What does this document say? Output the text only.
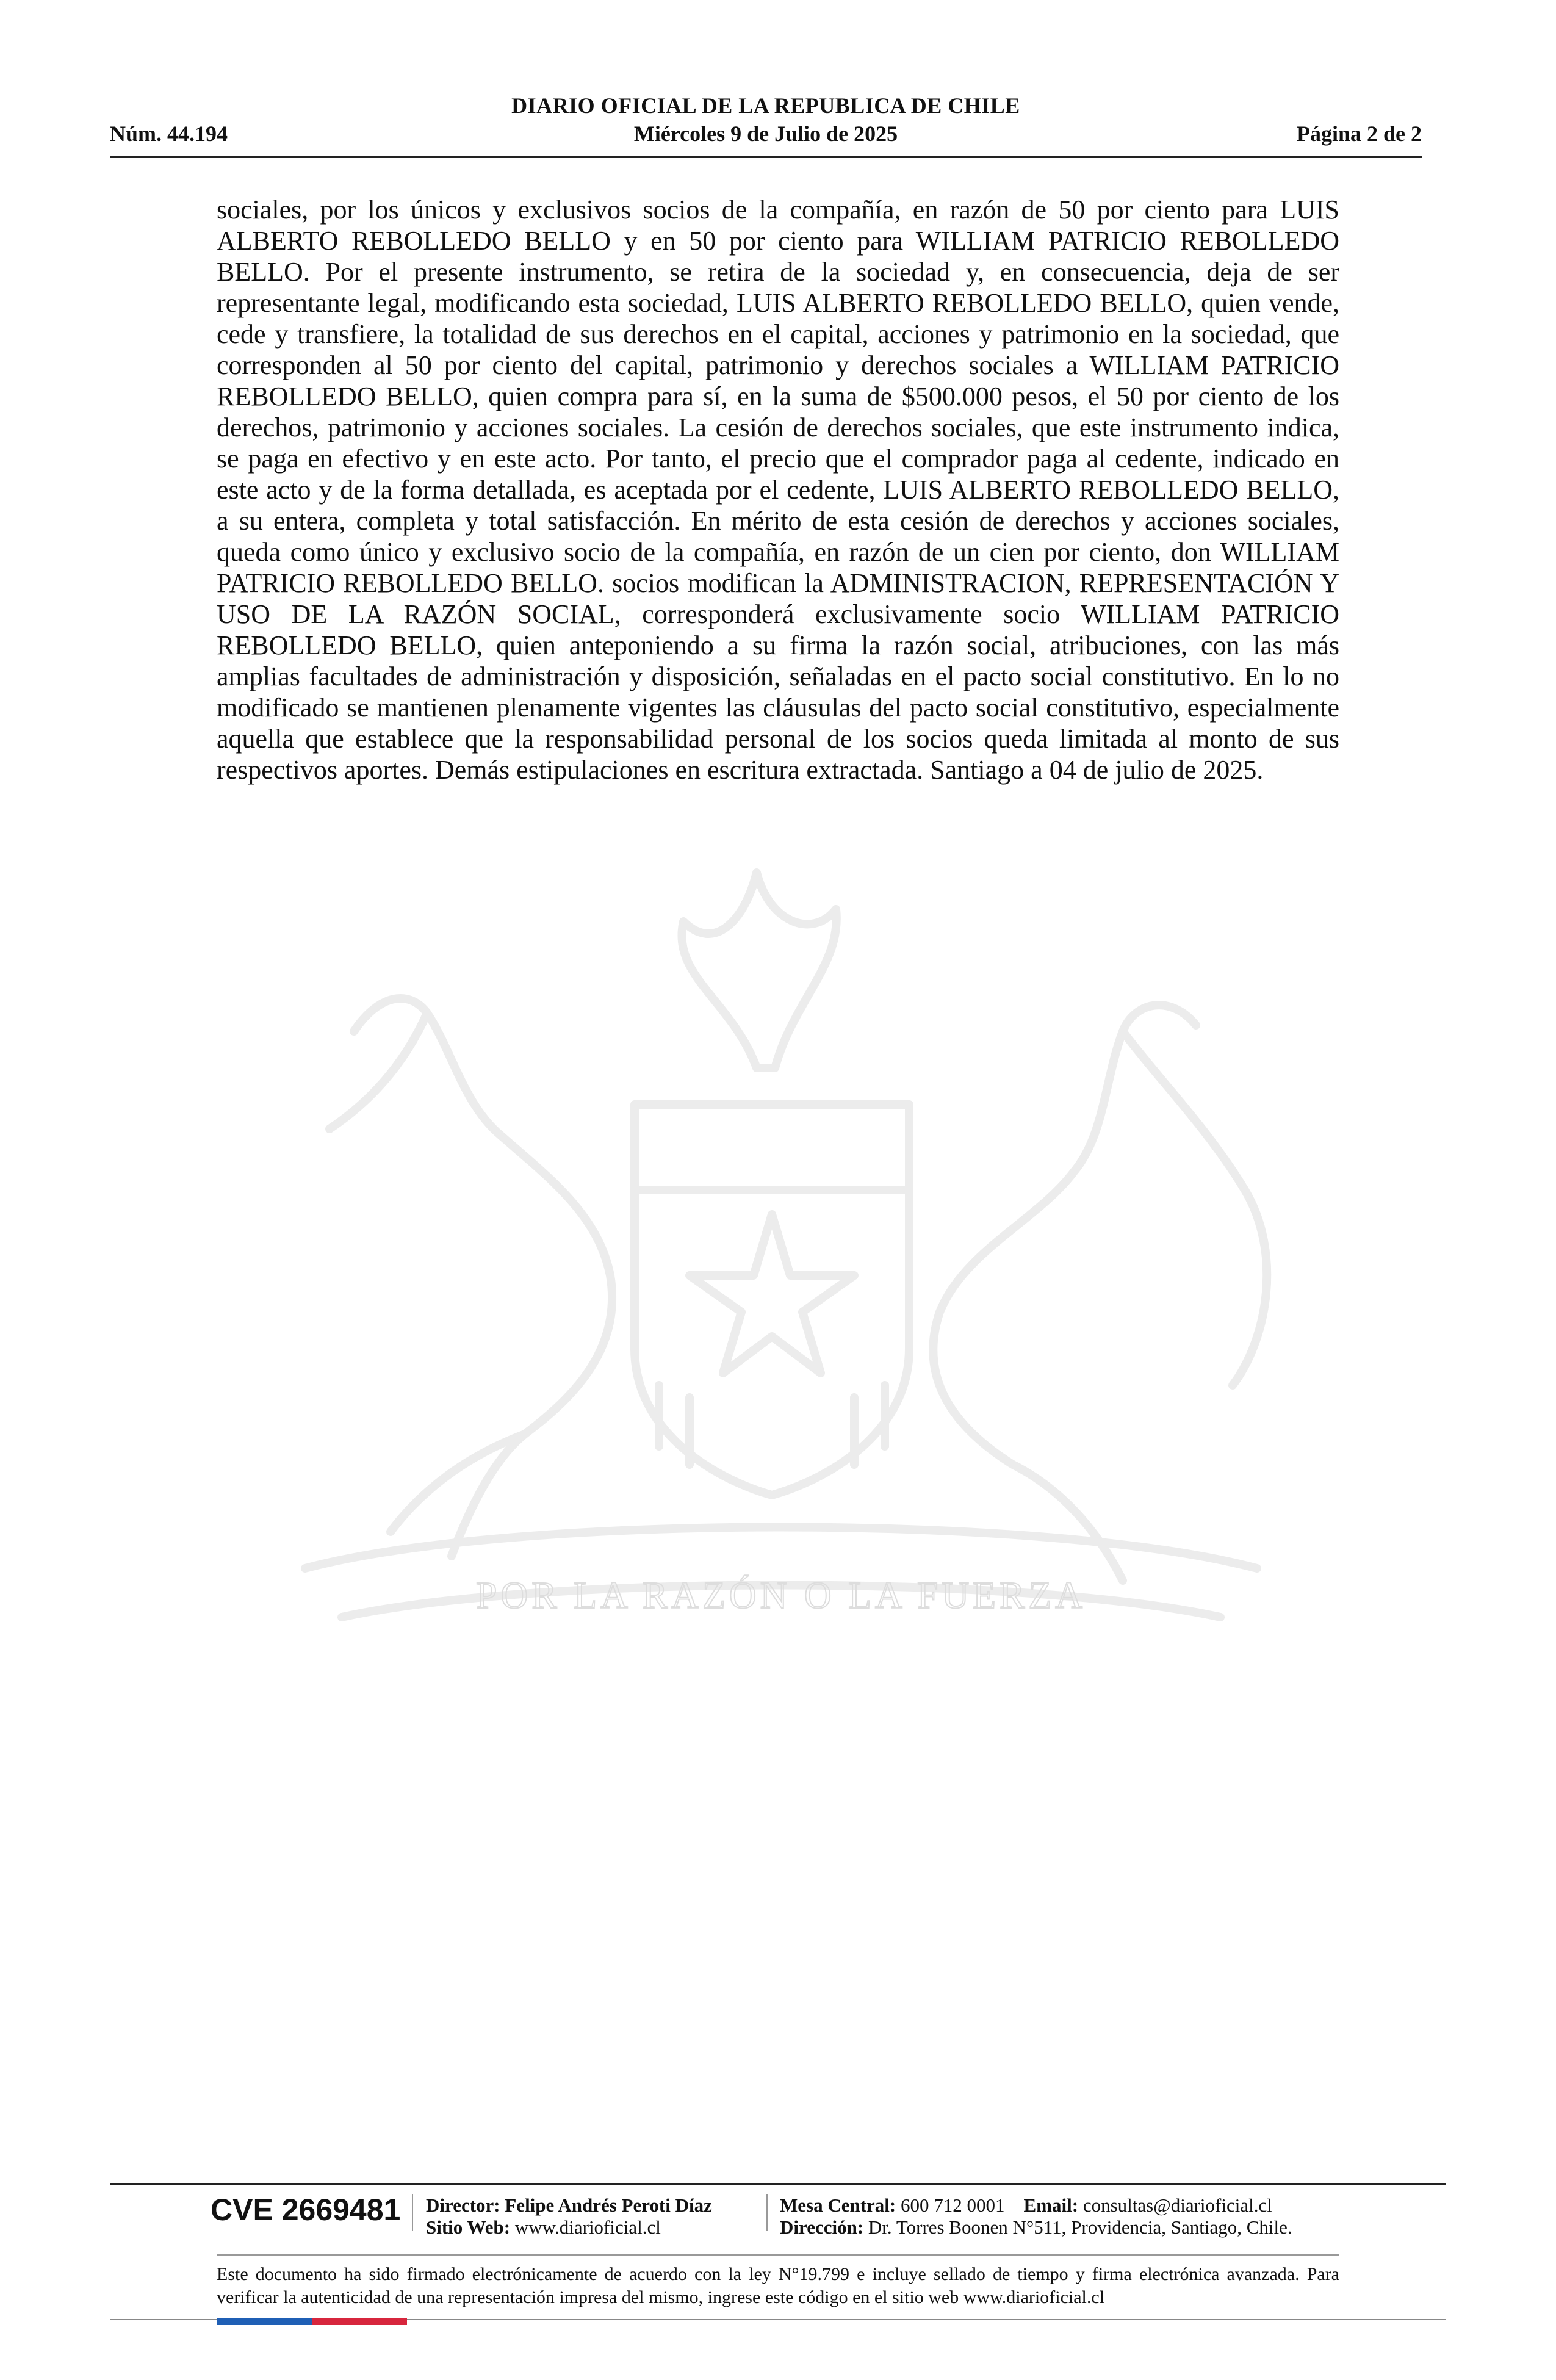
DIARIO OFICIAL DE LA REPUBLICA DE CHILE
Núm. 44.194	Miércoles 9 de Julio de 2025	Página 2 de 2
sociales, por los únicos y exclusivos socios de la compañía, en razón de 50 por ciento para LUIS ALBERTO REBOLLEDO BELLO y en 50 por ciento para WILLIAM PATRICIO REBOLLEDO BELLO. Por el presente instrumento, se retira de la sociedad y, en consecuencia, deja de ser representante legal, modificando esta sociedad, LUIS ALBERTO REBOLLEDO BELLO, quien vende, cede y transfiere, la totalidad de sus derechos en el capital, acciones y patrimonio en la sociedad, que corresponden al 50 por ciento del capital, patrimonio y derechos sociales a WILLIAM PATRICIO REBOLLEDO BELLO, quien compra para sí, en la suma de $500.000 pesos, el 50 por ciento de los derechos, patrimonio y acciones sociales. La cesión de derechos sociales, que este instrumento indica, se paga en efectivo y en este acto. Por tanto, el precio que el comprador paga al cedente, indicado en este acto y de la forma detallada, es aceptada por el cedente, LUIS ALBERTO REBOLLEDO BELLO, a su entera, completa y total satisfacción. En mérito de esta cesión de derechos y acciones sociales, queda como único y exclusivo socio de la compañía, en razón de un cien por ciento, don WILLIAM PATRICIO REBOLLEDO BELLO. socios modifican la ADMINISTRACION, REPRESENTACIÓN Y USO DE LA RAZÓN SOCIAL, corresponderá exclusivamente socio WILLIAM PATRICIO REBOLLEDO BELLO, quien anteponiendo a su firma la razón social, atribuciones, con las más amplias facultades de administración y disposición, señaladas en el pacto social constitutivo. En lo no modificado se mantienen plenamente vigentes las cláusulas del pacto social constitutivo, especialmente aquella que establece que la responsabilidad personal de los socios queda limitada al monto de sus respectivos aportes. Demás estipulaciones en escritura extractada. Santiago a 04 de julio de 2025.
POR LA RAZÓN O LA FUERZA
CVE 2669481 Director: Felipe Andrés Peroti Díaz
Sitio Web: www.diarioficial.cl
Mesa Central: 600 712 0001 Email: consultas@diarioficial.cl
Dirección: Dr. Torres Boonen N°511, Providencia, Santiago, Chile.
Este documento ha sido firmado electrónicamente de acuerdo con la ley N°19.799 e incluye sellado de tiempo y firma electrónica avanzada. Para verificar la autenticidad de una representación impresa del mismo, ingrese este código en el sitio web www.diarioficial.cl
